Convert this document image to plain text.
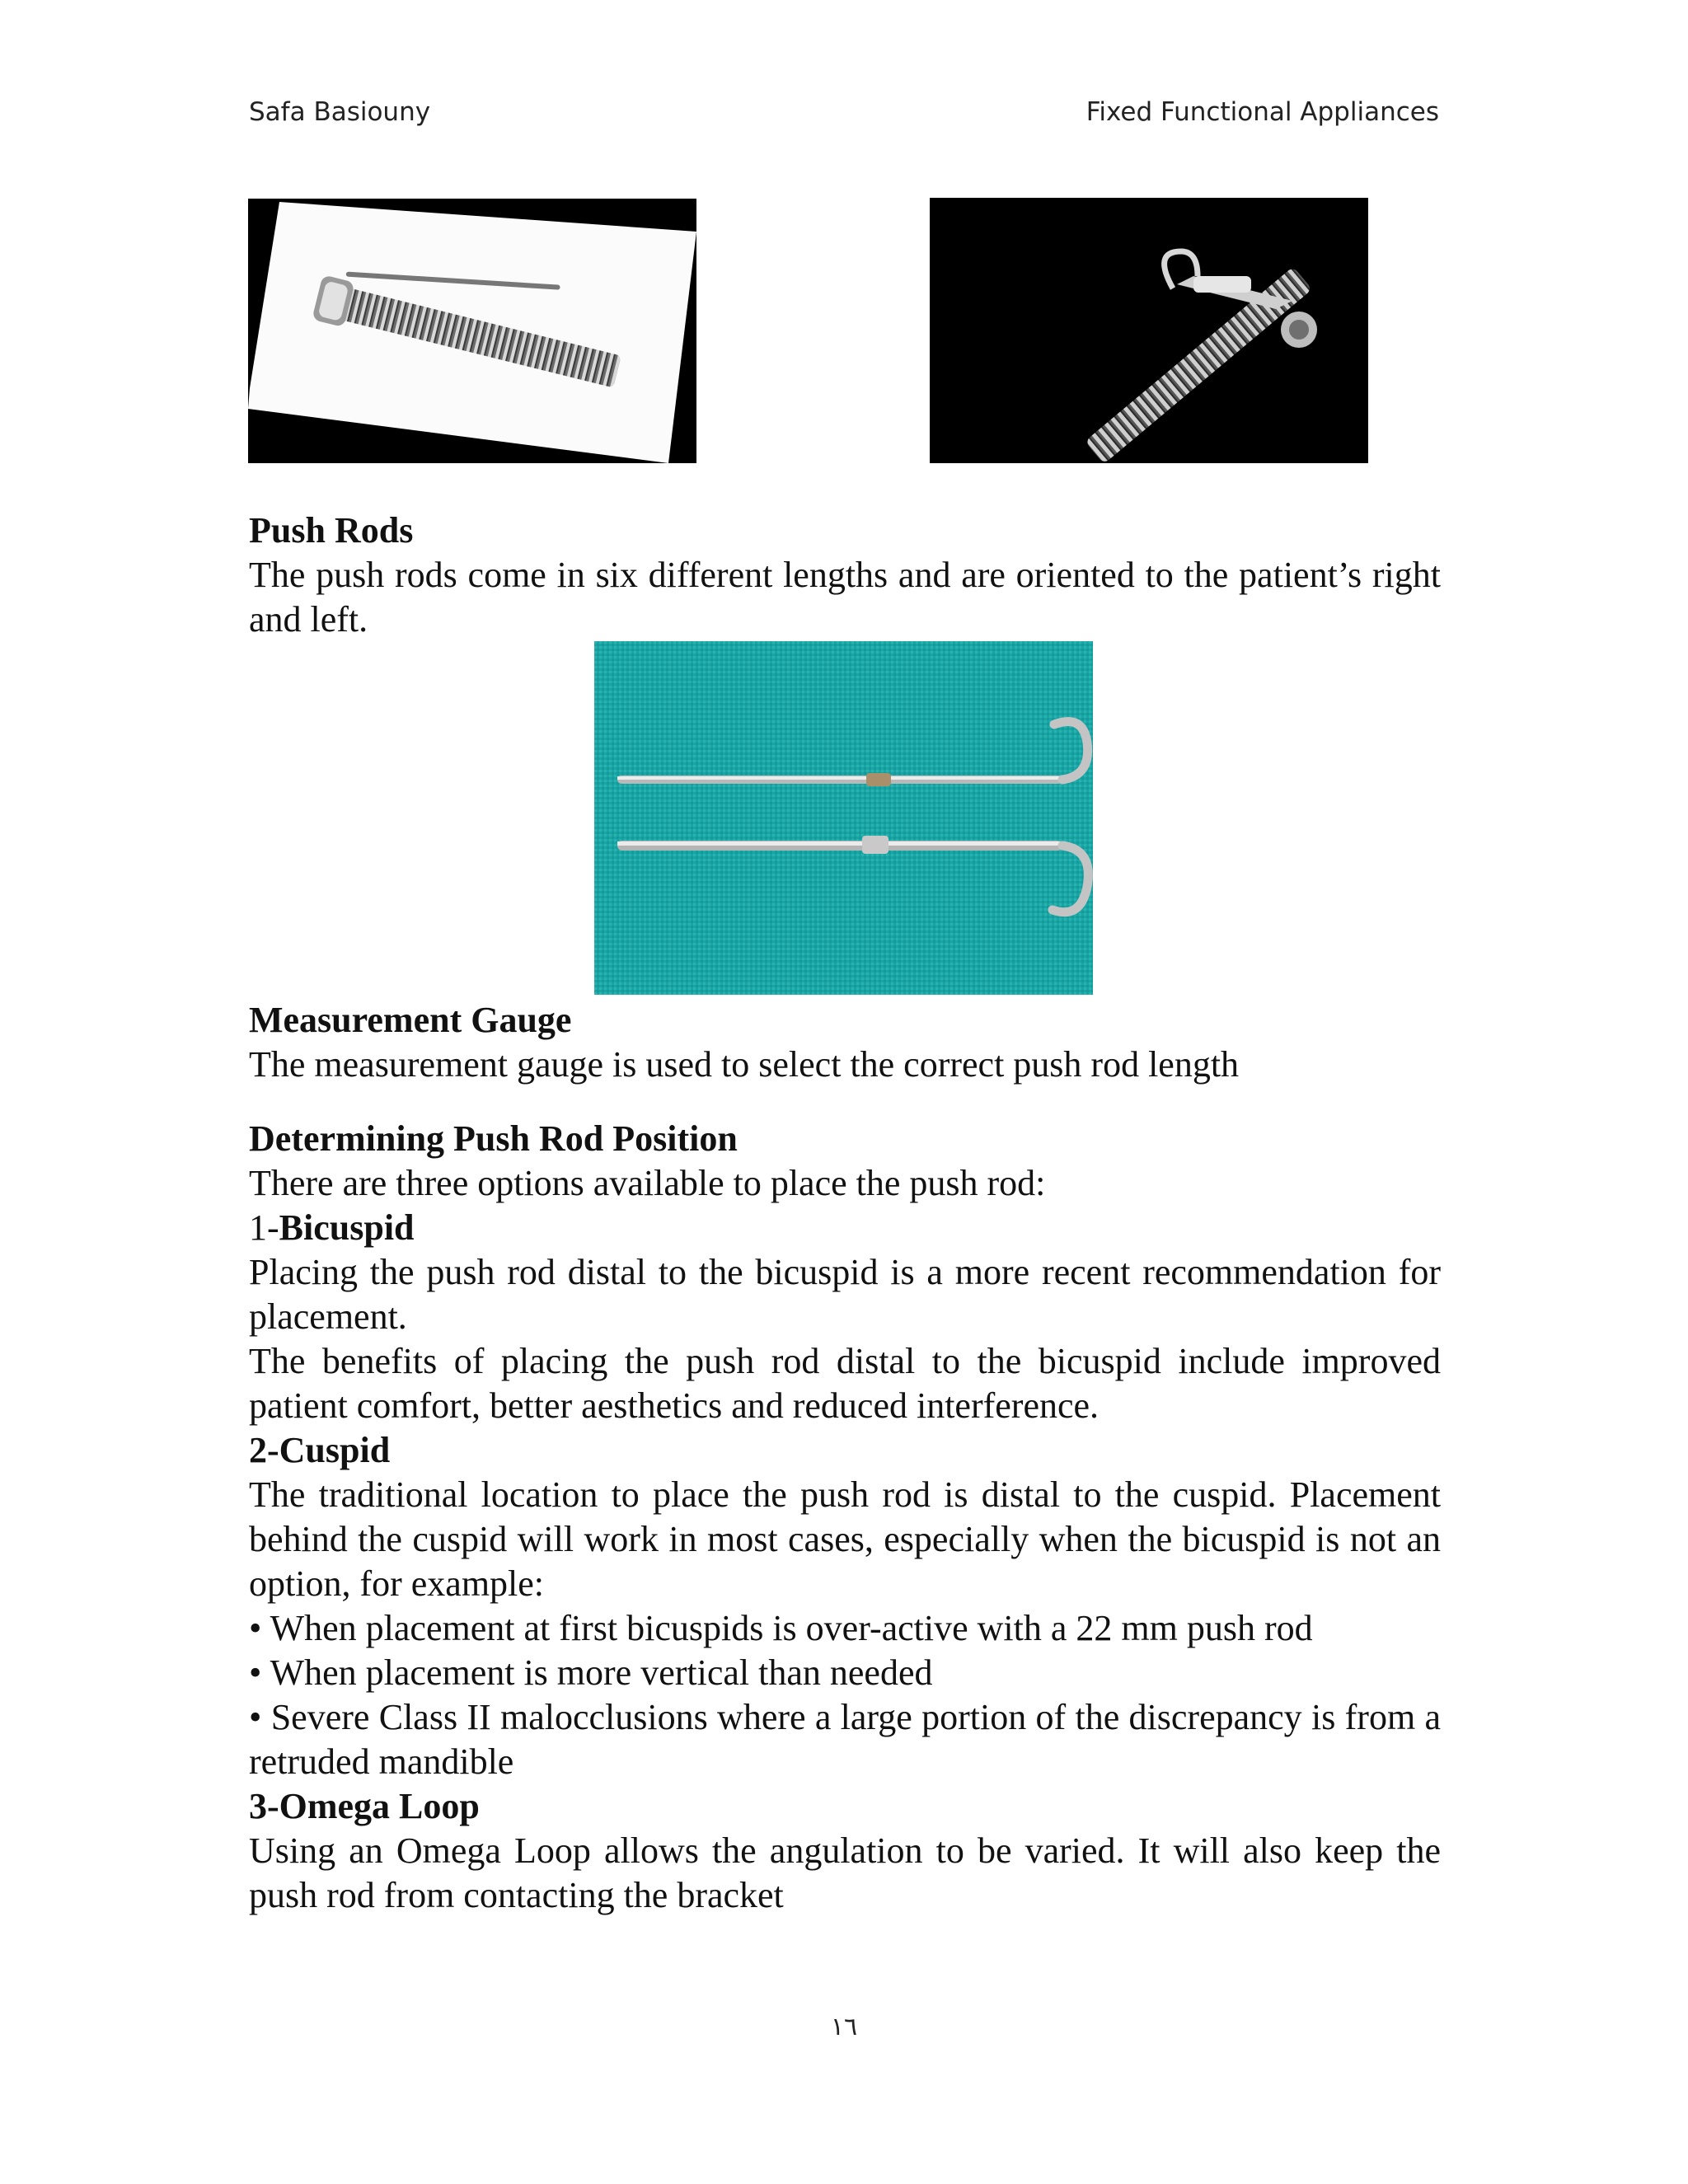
Safa Basiouny	Fixed Functional Appliances
Push Rods

The push rods come in six different lengths and are oriented to the patient’s right and left.

Measurement Gauge

The measurement gauge is used to select the correct push rod length

Determining Push Rod Position

There are three options available to place the push rod:

1-Bicuspid

Placing the push rod distal to the bicuspid is a more recent recommendation for placement.

The benefits of placing the push rod distal to the bicuspid include improved patient comfort, better aesthetics and reduced interference.

2-Cuspid

The traditional location to place the push rod is distal to the cuspid. Placement behind the cuspid will work in most cases, especially when the bicuspid is not an option, for example:

• When placement at first bicuspids is over-active with a 22 mm push rod

• When placement is more vertical than needed

• Severe Class II malocclusions where a large portion of the discrepancy is from a retruded mandible

3-Omega Loop

Using an Omega Loop allows the angulation to be varied. It will also keep the push rod from contacting the bracket

١٦
